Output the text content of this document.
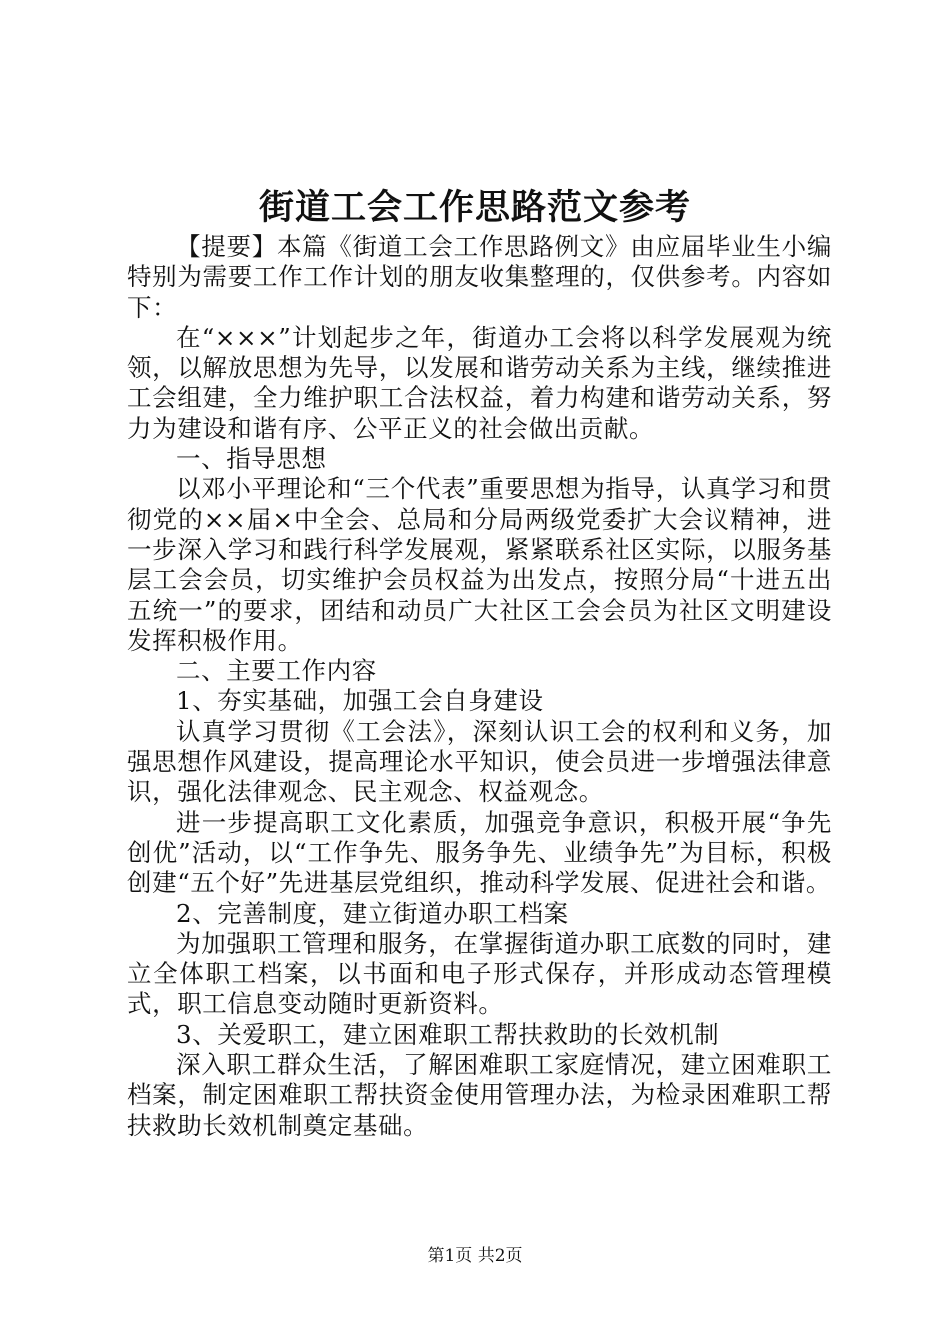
街道工会工作思路范文参考

【提要】本篇《街道工会工作思路例文》由应届毕业生小编特别为需要工作工作计划的朋友收集整理的，仅供参考。内容如下：

在“×××”计划起步之年，街道办工会将以科学发展观为统领，以解放思想为先导，以发展和谐劳动关系为主线，继续推进工会组建，全力维护职工合法权益，着力构建和谐劳动关系，努力为建设和谐有序、公平正义的社会做出贡献。

一、指导思想

以邓小平理论和“三个代表”重要思想为指导，认真学习和贯彻党的××届×中全会、总局和分局两级党委扩大会议精神，进一步深入学习和践行科学发展观，紧紧联系社区实际，以服务基层工会会员，切实维护会员权益为出发点，按照分局“十进五出五统一”的要求，团结和动员广大社区工会会员为社区文明建设发挥积极作用。

二、主要工作内容

1、夯实基础，加强工会自身建设

认真学习贯彻《工会法》，深刻认识工会的权利和义务，加强思想作风建设，提高理论水平知识，使会员进一步增强法律意识，强化法律观念、民主观念、权益观念。

进一步提高职工文化素质，加强竞争意识，积极开展“争先创优”活动，以“工作争先、服务争先、业绩争先”为目标，积极创建“五个好”先进基层党组织，推动科学发展、促进社会和谐。

2、完善制度，建立街道办职工档案

为加强职工管理和服务，在掌握街道办职工底数的同时，建立全体职工档案，以书面和电子形式保存，并形成动态管理模式，职工信息变动随时更新资料。

3、关爱职工，建立困难职工帮扶救助的长效机制

深入职工群众生活，了解困难职工家庭情况，建立困难职工档案，制定困难职工帮扶资金使用管理办法，为检录困难职工帮扶救助长效机制奠定基础。

第1页 共2页
